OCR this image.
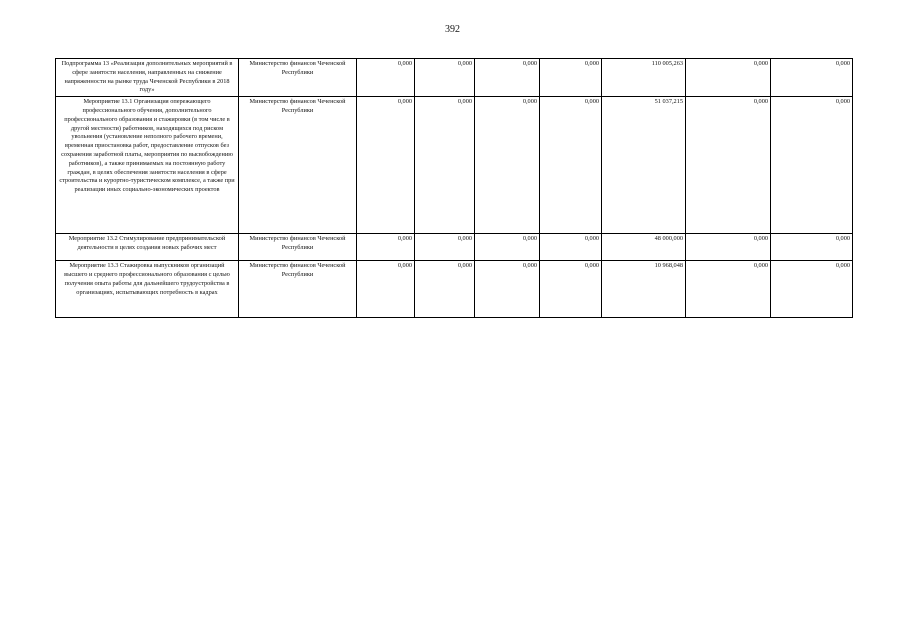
392
Подпрограмма 13 «Реализация дополнительных мероприятий в сфере занятости населения, направленных на снижение напряженности на рынке труда Чеченской Республики в 2018 году»	Министерство финансов Чеченской Республики	0,000	0,000	0,000	0,000	110 005,263	0,000	0,000
Мероприятие 13.1 Организация опережающего профессионального обучения, дополнительного профессионального образования и стажировки (в том числе в другой местности) работников, находящихся под риском увольнения (установление неполного рабочего времени, временная приостановка работ, предоставление отпусков без сохранения заработной платы, мероприятия по высвобождению работников), а также принимаемых на постоянную работу граждан, в целях обеспечения занятости населения в сфере строительства и курортно-туристическом комплексе, а также при реализации иных социально-экономических проектов	Министерство финансов Чеченской Республики	0,000	0,000	0,000	0,000	51 037,215	0,000	0,000
Мероприятие 13.2 Стимулирование предпринимательской деятельности в целях создания новых рабочих мест	Министерство финансов Чеченской Республики	0,000	0,000	0,000	0,000	48 000,000	0,000	0,000
Мероприятие 13.3 Стажировка выпускников организаций высшего и среднего профессионального образования с целью получения опыта работы для дальнейшего трудоустройства в организациях, испытывающих потребность в кадрах	Министерство финансов Чеченской Республики	0,000	0,000	0,000	0,000	10 968,048	0,000	0,000
